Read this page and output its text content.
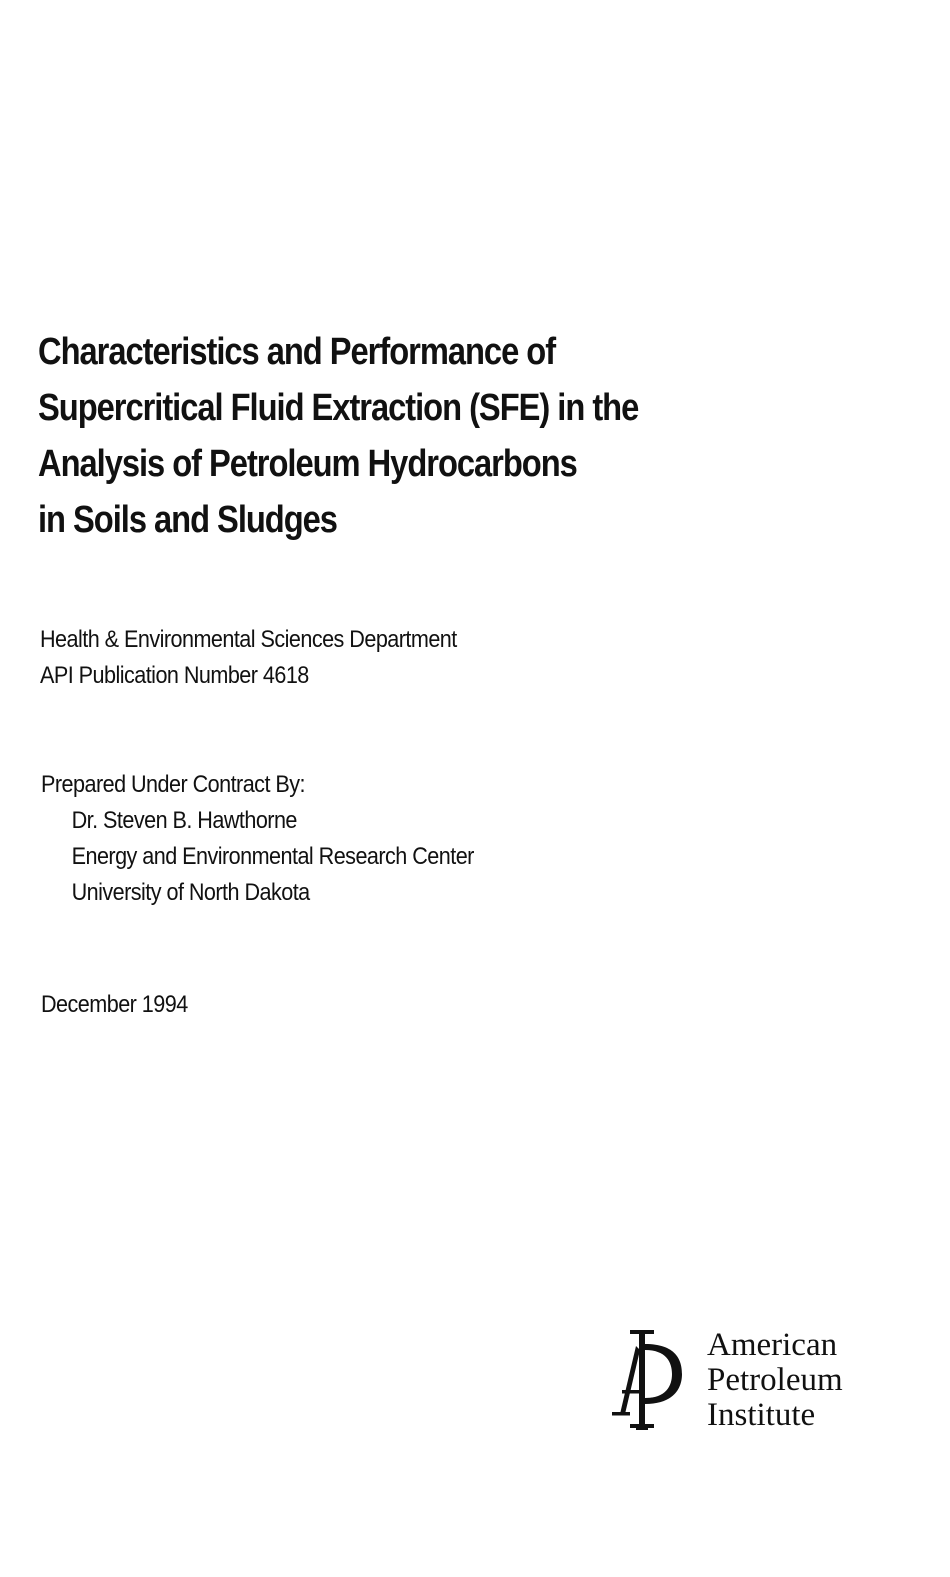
Characteristics and Performance of
Supercritical Fluid Extraction (SFE) in the
Analysis of Petroleum Hydrocarbons
in Soils and Sludges
Health & Environmental Sciences Department
API Publication Number 4618
Prepared Under Contract By:
Dr. Steven B. Hawthorne
Energy and Environmental Research Center
University of North Dakota
December 1994
American
Petroleum
Institute
